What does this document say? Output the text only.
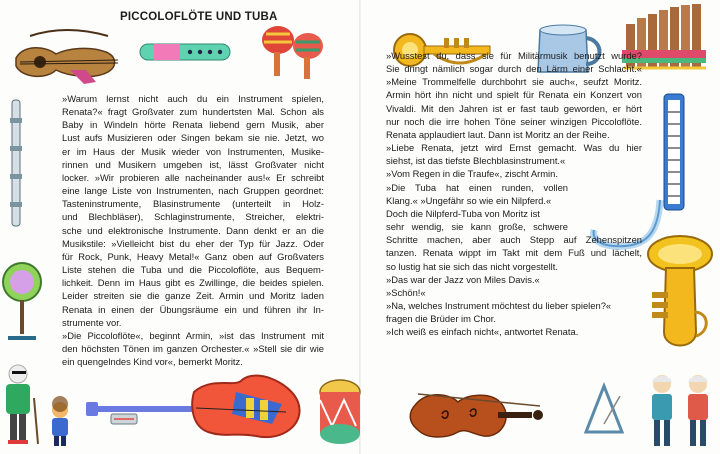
PICCOLOFLÖTE UND TUBA
»Warum lernst nicht auch du ein Instrument spielen,
Renata?« fragt Großvater zum hundertsten Mal. Schon als
Baby in Windeln hörte Renata liebend gern Musik, aber
Lust aufs Musizieren oder Singen bekam sie nie. Jetzt, wo
er im Haus der Musik wieder von Instrumenten, Musike-
rinnen und Musikern umgeben ist, lässt Großvater nicht
locker. »Wir probieren alle nacheinander aus!« Er schreibt
eine lange Liste von Instrumenten, nach Gruppen geordnet:
Tasteninstrumente, Blasinstrumente (unterteilt in Holz-
und Blechbläser), Schlaginstrumente, Streicher, elektri-
sche und elektronische Instrumente. Dann denkt er an die
Musikstile: »Vielleicht bist du eher der Typ für Jazz. Oder
für Rock, Punk, Heavy Metal!« Ganz oben auf Großvaters
Liste stehen die Tuba und die Piccoloflöte, aus Bequem-
lichkeit. Denn im Haus gibt es Zwillinge, die beides spielen.
Leider streiten sie die ganze Zeit. Armin und Moritz laden
Renata in einen der Übungsräume ein und führen ihr In-
strumente vor.
»Die Piccoloflöte«, beginnt Armin, »ist das Instrument mit
den höchsten Tönen im ganzen Orchester.« »Stell sie dir wie
ein quengelndes Kind vor«, bemerkt Moritz.
»Wusstest du, dass sie für Militärmusik benutzt wurde?
Sie dringt nämlich sogar durch den Lärm einer Schlacht.«
»Meine Trommelfelle durchbohrt sie auch«, seufzt Moritz.
Armin hört ihn nicht und spielt für Renata ein Konzert von
Vivaldi. Mit den Jahren ist er fast taub geworden, er hört
nur noch die irre hohen Töne seiner winzigen Piccoloflöte.
Renata applaudiert laut. Dann ist Moritz an der Reihe.
»Liebe Renata, jetzt wird Ernst gemacht. Was du hier
siehst, ist das tiefste Blechblasinstrument.«
»Vom Regen in die Traufe«, zischt Armin.
»Die Tuba hat einen runden, vollen
Klang.« »Ungefähr so wie ein Nilpferd.«
Doch die Nilpferd-Tuba von Moritz ist
sehr wendig, sie kann große, schwere
Schritte machen, aber auch Stepp auf Zehenspitzen
tanzen. Renata wippt im Takt mit dem Fuß und lächelt,
so lustig hat sie sich das nicht vorgestellt.
»Das war der Jazz von Miles Davis.«
»Schön!«
»Na, welches Instrument möchtest du lieber spielen?«
fragen die Brüder im Chor.
»Ich weiß es einfach nicht«, antwortet Renata.
